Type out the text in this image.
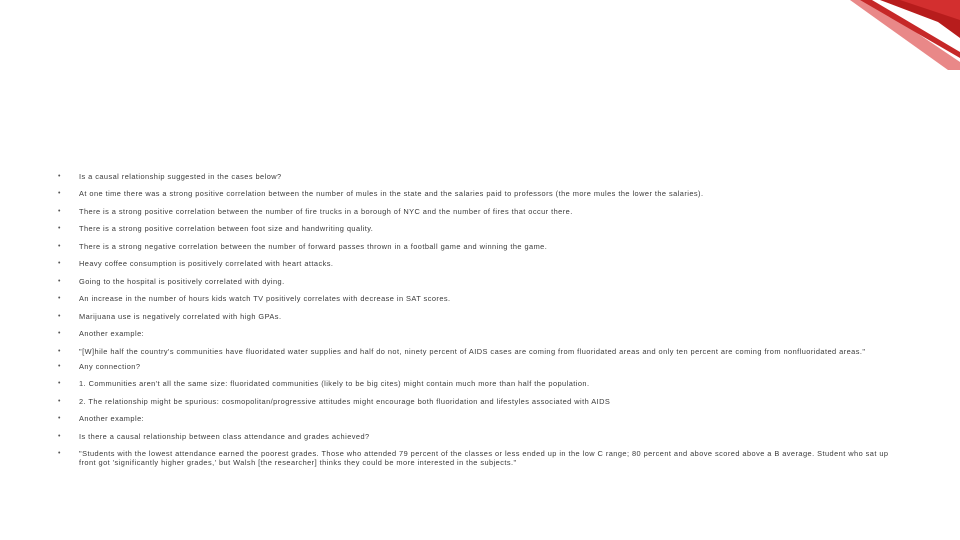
• Is a causal relationship suggested in the cases below?
• At one time there was a strong positive correlation between the number of mules in the state and the salaries paid to professors (the more mules the lower the salaries).
• There is a strong positive correlation between the number of fire trucks in a borough of NYC and the number of fires that occur there.
• There is a strong positive correlation between foot size and handwriting quality.
• There is a strong negative correlation between the number of forward passes thrown in a football game and winning the game.
• Heavy coffee consumption is positively correlated with heart attacks.
• Going to the hospital is positively correlated with dying.
• An increase in the number of hours kids watch TV positively correlates with decrease in SAT scores.
• Marijuana use is negatively correlated with high GPAs.
• Another example:
• "[W]hile half the country's communities have fluoridated water supplies and half do not, ninety percent of AIDS cases are coming from fluoridated areas and only ten percent are coming from nonfluoridated areas."
• Any connection?
• 1. Communities aren't all the same size: fluoridated communities (likely to be big cites) might contain much more than half the population.
• 2. The relationship might be spurious: cosmopolitan/progressive attitudes might encourage both fluoridation and lifestyles associated with AIDS
• Another example:
• Is there a causal relationship between class attendance and grades achieved?
• "Students with the lowest attendance earned the poorest grades. Those who attended 79 percent of the classes or less ended up in the low C range; 80 percent and above scored above a B average. Student who sat up front got 'significantly higher grades,' but Walsh [the researcher] thinks they could be more interested in the subjects."
